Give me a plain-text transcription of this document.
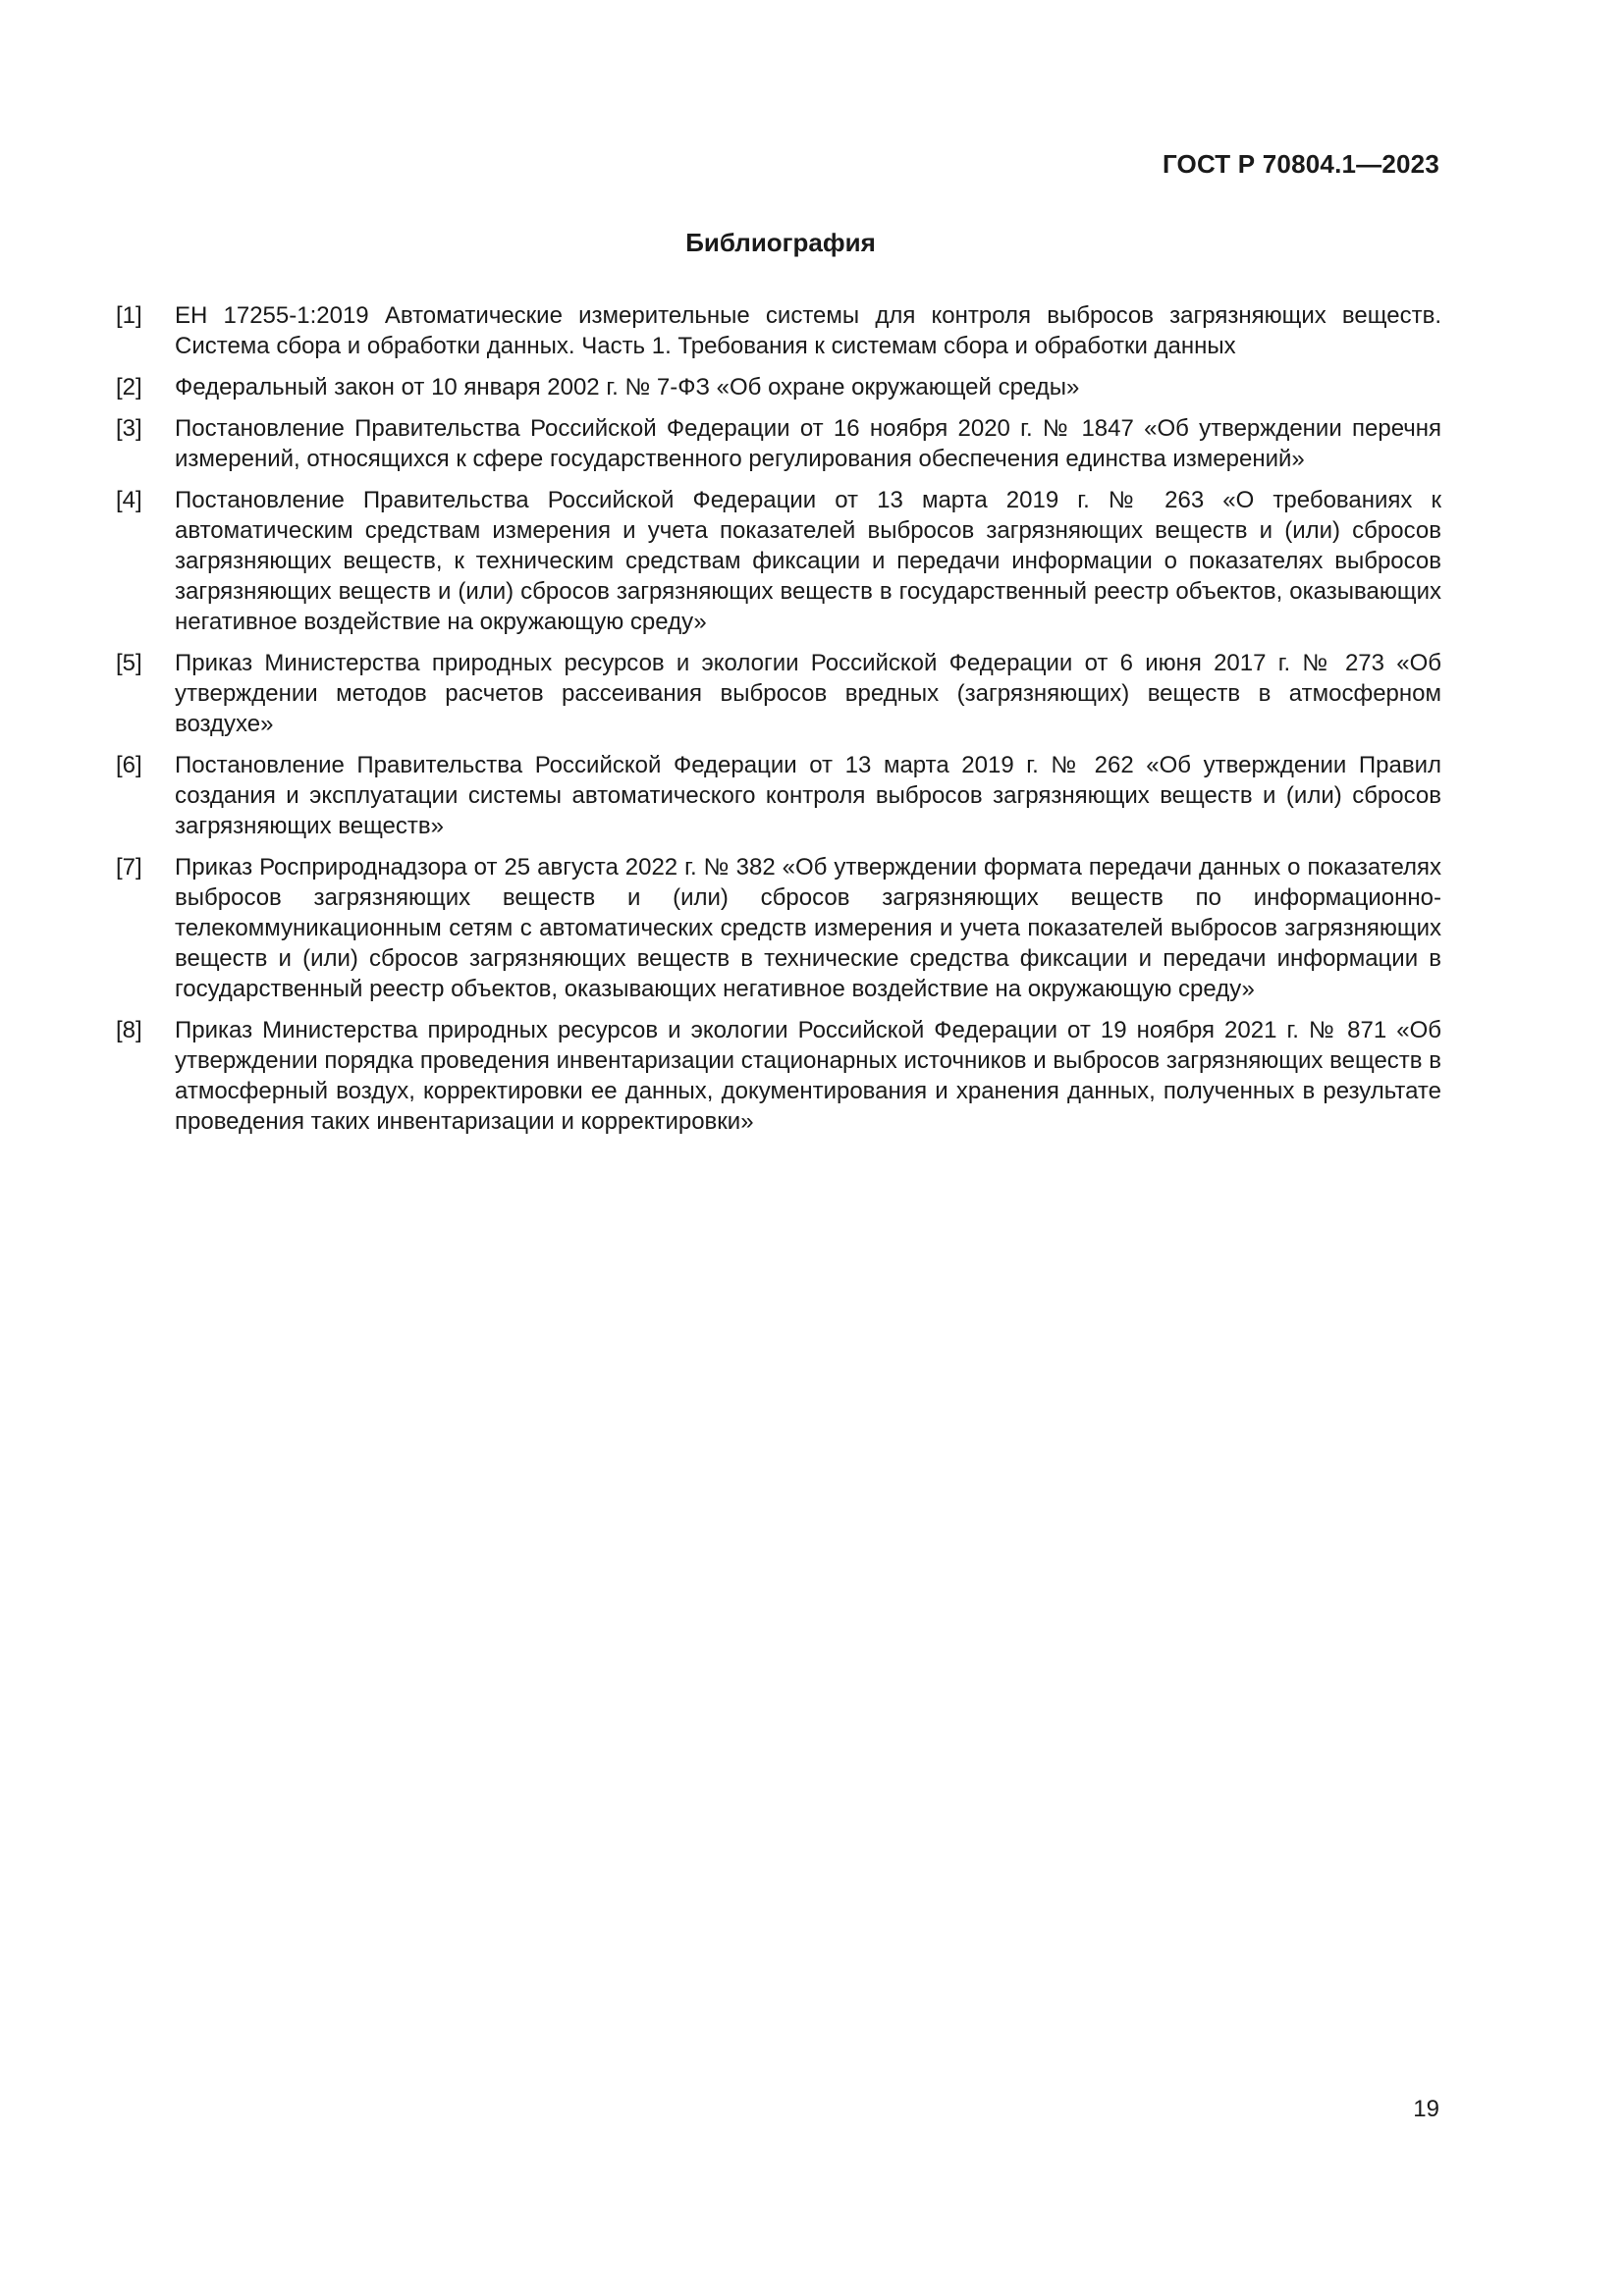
ГОСТ Р 70804.1—2023
Библиография
[1]	ЕН 17255-1:2019 Автоматические измерительные системы для контроля выбросов загрязняющих веществ. Система сбора и обработки данных. Часть 1. Требования к системам сбора и обработки данных
[2]	Федеральный закон от 10 января 2002 г. № 7-ФЗ «Об охране окружающей среды»
[3]	Постановление Правительства Российской Федерации от 16 ноября 2020 г. № 1847 «Об утверждении перечня измерений, относящихся к сфере государственного регулирования обеспечения единства измерений»
[4]	Постановление Правительства Российской Федерации от 13 марта 2019 г. № 263 «О требованиях к автоматическим средствам измерения и учета показателей выбросов загрязняющих веществ и (или) сбросов загрязняющих веществ, к техническим средствам фиксации и передачи информации о показателях выбросов загрязняющих веществ и (или) сбросов загрязняющих веществ в государственный реестр объектов, оказывающих негативное воздействие на окружающую среду»
[5]	Приказ Министерства природных ресурсов и экологии Российской Федерации от 6 июня 2017 г. № 273 «Об утверждении методов расчетов рассеивания выбросов вредных (загрязняющих) веществ в атмосферном воздухе»
[6]	Постановление Правительства Российской Федерации от 13 марта 2019 г. № 262 «Об утверждении Правил создания и эксплуатации системы автоматического контроля выбросов загрязняющих веществ и (или) сбросов загрязняющих веществ»
[7]	Приказ Росприроднадзора от 25 августа 2022 г. № 382 «Об утверждении формата передачи данных о показателях выбросов загрязняющих веществ и (или) сбросов загрязняющих веществ по информационно-телекоммуникационным сетям с автоматических средств измерения и учета показателей выбросов загрязняющих веществ и (или) сбросов загрязняющих веществ в технические средства фиксации и передачи информации в государственный реестр объектов, оказывающих негативное воздействие на окружающую среду»
[8]	Приказ Министерства природных ресурсов и экологии Российской Федерации от 19 ноября 2021 г. № 871 «Об утверждении порядка проведения инвентаризации стационарных источников и выбросов загрязняющих веществ в атмосферный воздух, корректировки ее данных, документирования и хранения данных, полученных в результате проведения таких инвентаризации и корректировки»
19
